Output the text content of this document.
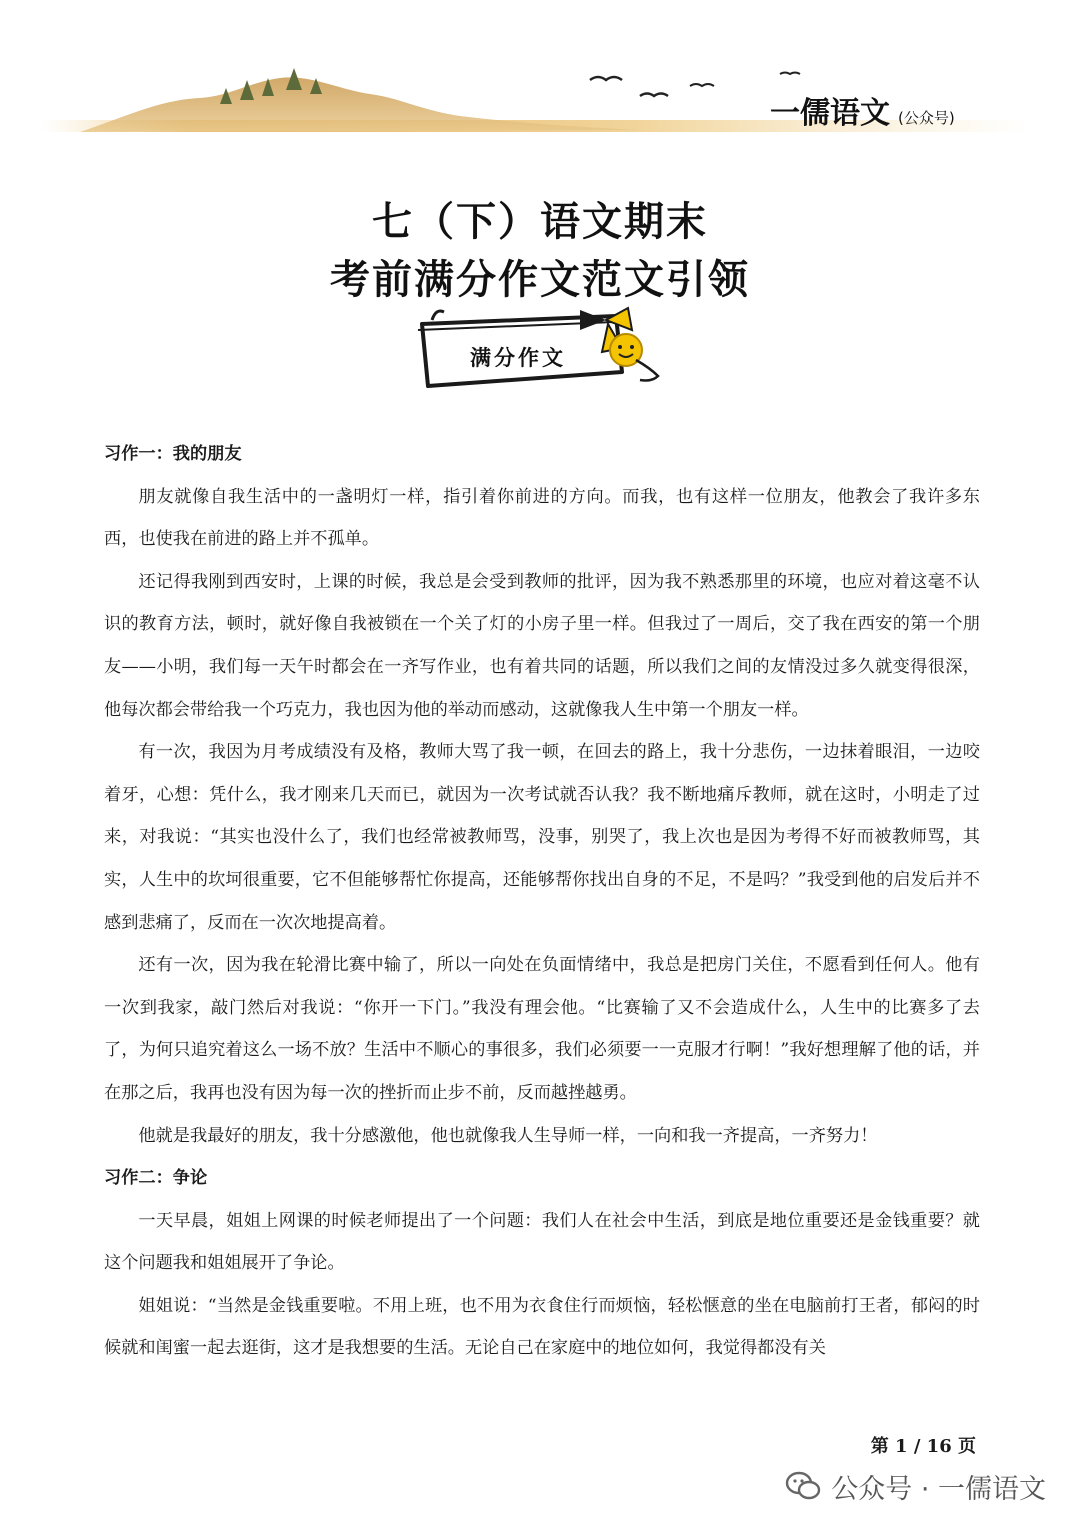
一儒语文 (公众号)
七（下）语文期末
考前满分作文范文引领
满分作文
习作一：我的朋友

朋友就像自我生活中的一盏明灯一样，指引着你前进的方向。而我，也有这样一位朋友，他教会了我许多东西，也使我在前进的路上并不孤单。

还记得我刚到西安时，上课的时候，我总是会受到教师的批评，因为我不熟悉那里的环境，也应对着这毫不认识的教育方法，顿时，就好像自我被锁在一个关了灯的小房子里一样。但我过了一周后，交了我在西安的第一个朋友——小明，我们每一天午时都会在一齐写作业，也有着共同的话题，所以我们之间的友情没过多久就变得很深，他每次都会带给我一个巧克力，我也因为他的举动而感动，这就像我人生中第一个朋友一样。

有一次，我因为月考成绩没有及格，教师大骂了我一顿，在回去的路上，我十分悲伤，一边抹着眼泪，一边咬着牙，心想：凭什么，我才刚来几天而已，就因为一次考试就否认我？我不断地痛斥教师，就在这时，小明走了过来，对我说：“其实也没什么了，我们也经常被教师骂，没事，别哭了，我上次也是因为考得不好而被教师骂，其实，人生中的坎坷很重要，它不但能够帮忙你提高，还能够帮你找出自身的不足，不是吗？”我受到他的启发后并不感到悲痛了，反而在一次次地提高着。

还有一次，因为我在轮滑比赛中输了，所以一向处在负面情绪中，我总是把房门关住，不愿看到任何人。他有一次到我家，敲门然后对我说：“你开一下门。”我没有理会他。“比赛输了又不会造成什么，人生中的比赛多了去了，为何只追究着这么一场不放？生活中不顺心的事很多，我们必须要一一克服才行啊！”我好想理解了他的话，并在那之后，我再也没有因为每一次的挫折而止步不前，反而越挫越勇。

他就是我最好的朋友，我十分感激他，他也就像我人生导师一样，一向和我一齐提高，一齐努力！

习作二：争论

一天早晨，姐姐上网课的时候老师提出了一个问题：我们人在社会中生活，到底是地位重要还是金钱重要？就这个问题我和姐姐展开了争论。

姐姐说：“当然是金钱重要啦。不用上班，也不用为衣食住行而烦恼，轻松惬意的坐在电脑前打王者，郁闷的时候就和闺蜜一起去逛街，这才是我想要的生活。无论自己在家庭中的地位如何，我觉得都没有关

第 1 / 16 页
公众号 · 一儒语文
